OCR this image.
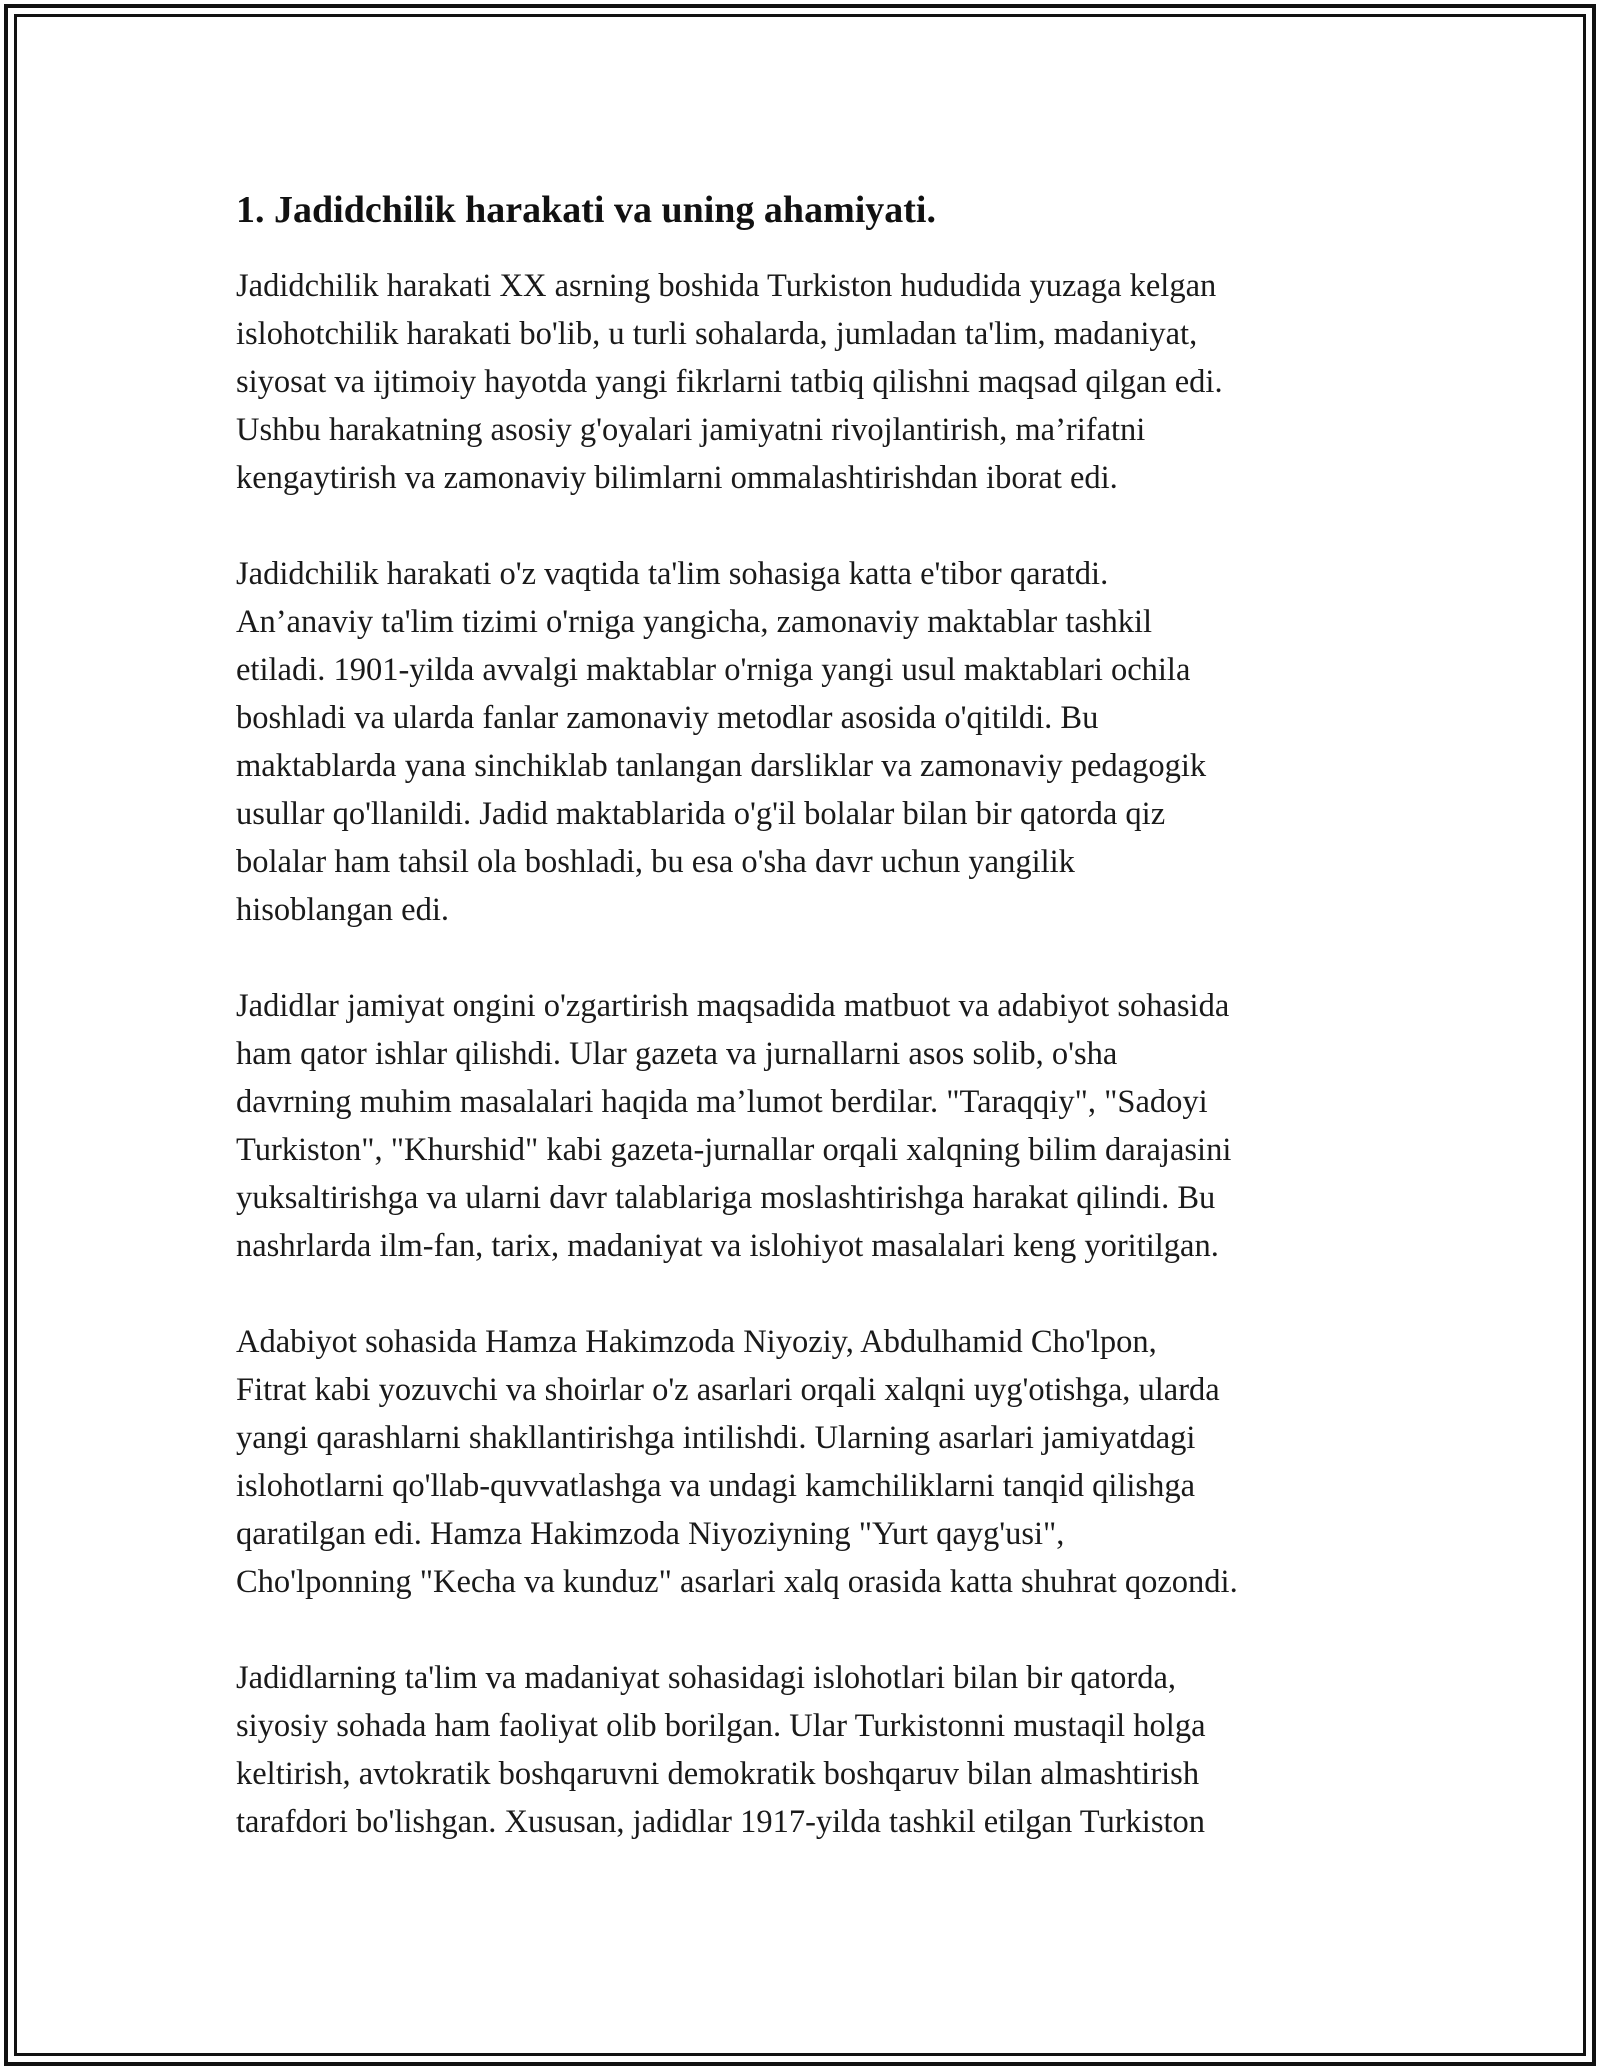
1. Jadidchilik harakati va uning ahamiyati.

Jadidchilik harakati XX asrning boshida Turkiston hududida yuzaga kelgan
islohotchilik harakati bo'lib, u turli sohalarda, jumladan ta'lim, madaniyat,
siyosat va ijtimoiy hayotda yangi fikrlarni tatbiq qilishni maqsad qilgan edi.
Ushbu harakatning asosiy g'oyalari jamiyatni rivojlantirish, ma’rifatni
kengaytirish va zamonaviy bilimlarni ommalashtirishdan iborat edi.

Jadidchilik harakati o'z vaqtida ta'lim sohasiga katta e'tibor qaratdi.
An’anaviy ta'lim tizimi o'rniga yangicha, zamonaviy maktablar tashkil
etiladi. 1901-yilda avvalgi maktablar o'rniga yangi usul maktablari ochila
boshladi va ularda fanlar zamonaviy metodlar asosida o'qitildi. Bu
maktablarda yana sinchiklab tanlangan darsliklar va zamonaviy pedagogik
usullar qo'llanildi. Jadid maktablarida o'g'il bolalar bilan bir qatorda qiz
bolalar ham tahsil ola boshladi, bu esa o'sha davr uchun yangilik
hisoblangan edi.

Jadidlar jamiyat ongini o'zgartirish maqsadida matbuot va adabiyot sohasida
ham qator ishlar qilishdi. Ular gazeta va jurnallarni asos solib, o'sha
davrning muhim masalalari haqida ma’lumot berdilar. "Taraqqiy", "Sadoyi
Turkiston", "Khurshid" kabi gazeta-jurnallar orqali xalqning bilim darajasini
yuksaltirishga va ularni davr talablariga moslashtirishga harakat qilindi. Bu
nashrlarda ilm-fan, tarix, madaniyat va islohiyot masalalari keng yoritilgan.

Adabiyot sohasida Hamza Hakimzoda Niyoziy, Abdulhamid Cho'lpon,
Fitrat kabi yozuvchi va shoirlar o'z asarlari orqali xalqni uyg'otishga, ularda
yangi qarashlarni shakllantirishga intilishdi. Ularning asarlari jamiyatdagi
islohotlarni qo'llab-quvvatlashga va undagi kamchiliklarni tanqid qilishga
qaratilgan edi. Hamza Hakimzoda Niyoziyning "Yurt qayg'usi",
Cho'lponning "Kecha va kunduz" asarlari xalq orasida katta shuhrat qozondi.

Jadidlarning ta'lim va madaniyat sohasidagi islohotlari bilan bir qatorda,
siyosiy sohada ham faoliyat olib borilgan. Ular Turkistonni mustaqil holga
keltirish, avtokratik boshqaruvni demokratik boshqaruv bilan almashtirish
tarafdori bo'lishgan. Xususan, jadidlar 1917-yilda tashkil etilgan Turkiston
